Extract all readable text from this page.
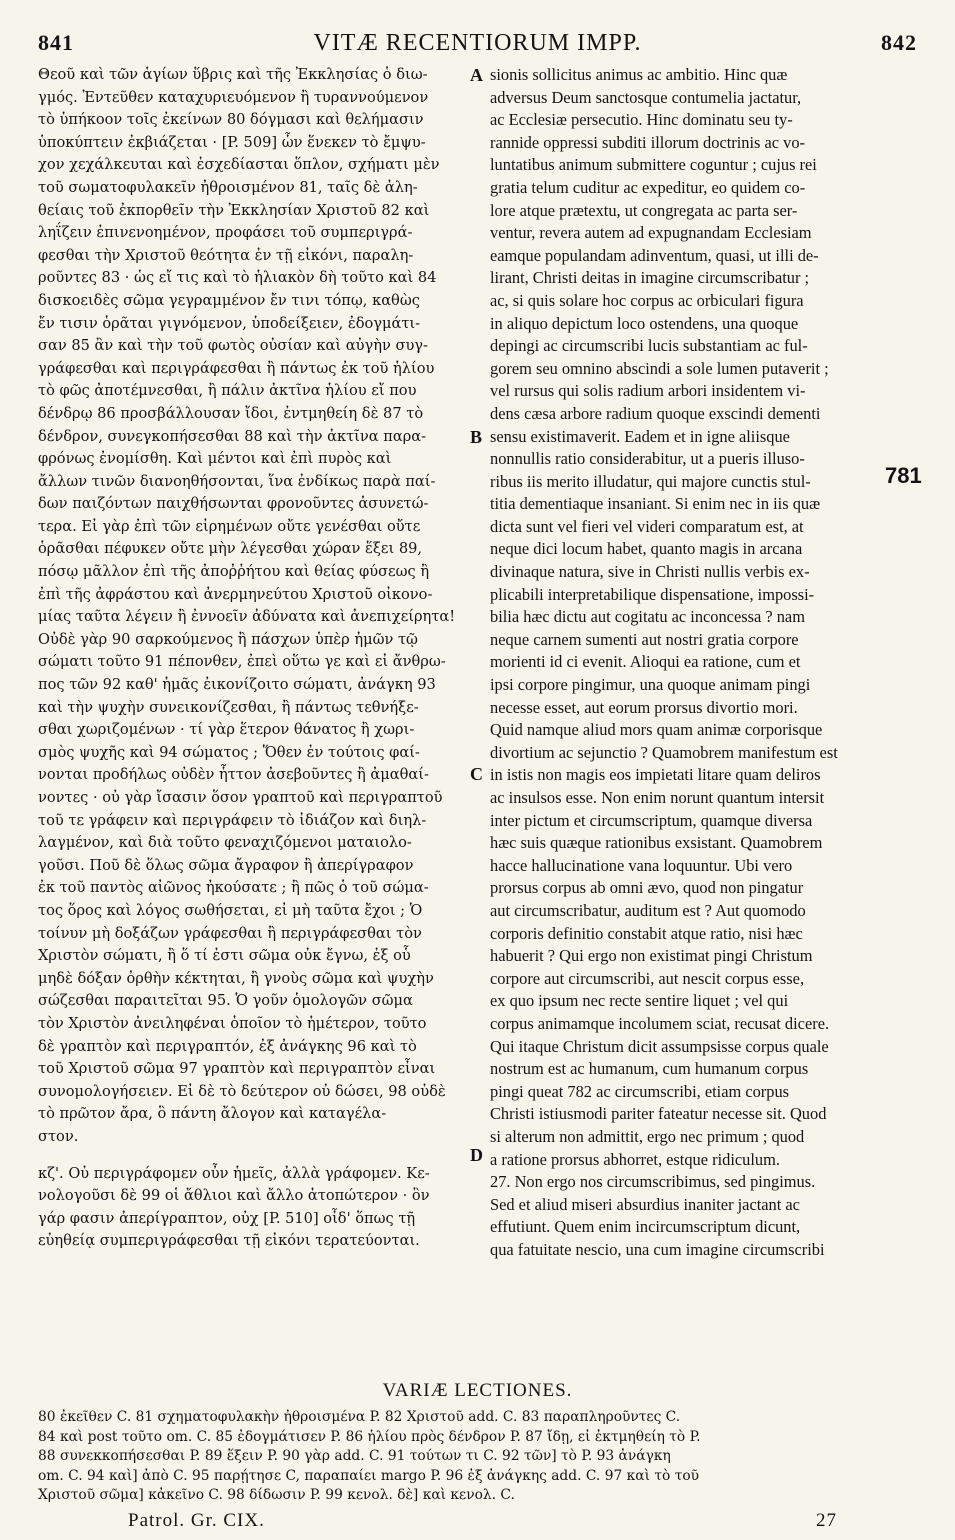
841	VITÆ RECENTIORUM IMPP.	842
Θεοῦ καὶ τῶν ἁγίων ὕβρις καὶ τῆς Ἐκκλησίας ὁ διω-
γμός. Ἐντεῦθεν καταχυριευόμενον ἢ τυραννούμενον
τὸ ὑπήκοον τοῖς ἐκείνων 80 δόγμασι καὶ θελήμασιν
ὑποκύπτειν ἐκβιάζεται · [P. 509] ὧν ἕνεκεν τὸ ἔμψυ-
χον χεχάλκευται καὶ ἐσχεδίασται ὅπλον, σχήματι μὲν
τοῦ σωματοφυλακεῖν ἠθροισμένον 81, ταῖς δὲ ἀλη-
θείαις τοῦ ἐκπορθεῖν τὴν Ἐκκλησίαν Χριστοῦ 82 καὶ
ληΐζειν ἐπινενοημένον, προφάσει τοῦ συμπεριγρά-
φεσθαι τὴν Χριστοῦ θεότητα ἐν τῇ εἰκόνι, παραλη-
ροῦντες 83 · ὡς εἴ τις καὶ τὸ ἡλιακὸν δὴ τοῦτο καὶ 84
δισκοειδὲς σῶμα γεγραμμένον ἔν τινι τόπῳ, καθὼς
ἔν τισιν ὁρᾶται γιγνόμενον, ὑποδείξειεν, ἐδογμάτι-
σαν 85 ἂν καὶ τὴν τοῦ φωτὸς οὐσίαν καὶ αὐγὴν συγ-
γράφεσθαι καὶ περιγράφεσθαι ἢ πάντως ἐκ τοῦ ἡλίου
τὸ φῶς ἀποτέμνεσθαι, ἢ πάλιν ἀκτῖνα ἡλίου εἴ που
δένδρῳ 86 προσβάλλουσαν ἴδοι, ἐντμηθείη δὲ 87 τὸ
δένδρον, συνεγκοπήσεσθαι 88 καὶ τὴν ἀκτῖνα παρα-
φρόνως ἐνομίσθη. Καὶ μέντοι καὶ ἐπὶ πυρὸς καὶ
ἄλλων τινῶν διανοηθήσονται, ἵνα ἐνδίκως παρὰ παί-
δων παιζόντων παιχθήσωνται φρονοῦντες ἀσυνετώ-
τερα. Εἰ γὰρ ἐπὶ τῶν εἰρημένων οὔτε γενέσθαι οὔτε
ὁρᾶσθαι πέφυκεν οὔτε μὴν λέγεσθαι χώραν ἕξει 89,
πόσῳ μᾶλλον ἐπὶ τῆς ἀποῤῥήτου καὶ θείας φύσεως ἢ
ἐπὶ τῆς ἀφράστου καὶ ἀνερμηνεύτου Χριστοῦ οἰκονο-
μίας ταῦτα λέγειν ἢ ἐννοεῖν ἀδύνατα καὶ ἀνεπιχείρητα!
Οὐδὲ γὰρ 90 σαρκούμενος ἢ πάσχων ὑπὲρ ἡμῶν τῷ
σώματι τοῦτο 91 πέπονθεν, ἐπεὶ οὕτω γε καὶ εἰ ἄνθρω-
πος τῶν 92 καθ' ἡμᾶς ἐικονίζοιτο σώματι, ἀνάγκη 93
καὶ τὴν ψυχὴν συνεικονίζεσθαι, ἢ πάντως τεθνήξε-
σθαι χωριζομένων · τί γὰρ ἕτερον θάνατος ἢ χωρι-
σμὸς ψυχῆς καὶ 94 σώματος ; Ὅθεν ἐν τούτοις φαί-
νονται προδήλως οὐδὲν ἧττον ἀσεβοῦντες ἢ ἀμαθαί-
νοντες · οὐ γὰρ ἴσασιν ὅσον γραπτοῦ καὶ περιγραπτοῦ
τοῦ τε γράφειν καὶ περιγράφειν τὸ ἰδιάζον καὶ διηλ-
λαγμένον, καὶ διὰ τοῦτο φεναχιζόμενοι ματαιολο-
γοῦσι. Ποῦ δὲ ὅλως σῶμα ἄγραφον ἢ ἀπερίγραφον
ἐκ τοῦ παντὸς αἰῶνος ἠκούσατε ; ἢ πῶς ὁ τοῦ σώμα-
τος ὅρος καὶ λόγος σωθήσεται, εἰ μὴ ταῦτα ἔχοι ; Ὁ
τοίνυν μὴ δοξάζων γράφεσθαι ἢ περιγράφεσθαι τὸν
Χριστὸν σώματι, ἢ ὅ τί ἐστι σῶμα οὐκ ἔγνω, ἐξ οὗ
μηδὲ δόξαν ὀρθὴν κέκτηται, ἢ γνοὺς σῶμα καὶ ψυχὴν
σώζεσθαι παραιτεῖται 95. Ὁ γοῦν ὁμολογῶν σῶμα
τὸν Χριστὸν ἀνειληφέναι ὁποῖον τὸ ἡμέτερον, τοῦτο
δὲ γραπτὸν καὶ περιγραπτόν, ἐξ ἀνάγκης 96 καὶ τὸ
τοῦ Χριστοῦ σῶμα 97 γραπτὸν καὶ περιγραπτὸν εἶναι
συνομολογήσειεν. Εἰ δὲ τὸ δεύτερον οὐ δώσει, 98 οὐδὲ
τὸ πρῶτον ἄρα, ὃ πάντη ἄλογον καὶ καταγέλα-
στον.
κζ'. Οὐ περιγράφομεν οὖν ἡμεῖς, ἀλλὰ γράφομεν. Κε-
νολογοῦσι δὲ 99 οἱ ἄθλιοι καὶ ἄλλο ἀτοπώτερον · ὃν
γάρ φασιν ἀπερίγραπτον, οὐχ [P. 510] οἶδ' ὅπως τῇ
εὐηθείᾳ συμπεριγράφεσθαι τῇ εἰκόνι τερατεύονται.
sionis sollicitus animus ac ambitio. Hinc quæ
adversus Deum sanctosque contumelia jactatur,
ac Ecclesiæ persecutio. Hinc dominatu seu ty-
rannide oppressi subditi illorum doctrinis ac vo-
luntatibus animum submittere coguntur ; cujus rei
gratia telum cuditur ac expeditur, eo quidem co-
lore atque prætextu, ut congregata ac parta ser-
ventur, revera autem ad expugnandam Ecclesiam
eamque populandam adinventum, quasi, ut illi de-
lirant, Christi deitas in imagine circumscribatur ;
ac, si quis solare hoc corpus ac orbiculari figura
in aliquo depictum loco ostendens, una quoque
depingi ac circumscribi lucis substantiam ac ful-
gorem seu omnino abscindi a sole lumen putaverit ;
vel rursus qui solis radium arbori insidentem vi-
dens cæsa arbore radium quoque exscindi dementi
sensu existimaverit. Eadem et in igne aliisque
nonnullis ratio considerabitur, ut a pueris illuso-
ribus iis merito illudatur, qui majore cunctis stul-
titia dementiaque insaniant. Si enim nec in iis quæ
dicta sunt vel fieri vel videri comparatum est, at
neque dici locum habet, quanto magis in arcana
divinaque natura, sive in Christi nullis verbis ex-
plicabili interpretabilique dispensatione, impossi-
bilia hæc dictu aut cogitatu ac inconcessa ? nam
neque carnem sumenti aut nostri gratia corpore
morienti id ci evenit. Alioqui ea ratione, cum et
ipsi corpore pingimur, una quoque animam pingi
necesse esset, aut eorum prorsus divortio mori.
Quid namque aliud mors quam animæ corporisque
divortium ac sejunctio ? Quamobrem manifestum est
in istis non magis eos impietati litare quam deliros
ac insulsos esse. Non enim norunt quantum intersit
inter pictum et circumscriptum, quamque diversa
hæc suis quæque rationibus exsistant. Quamobrem
hacce hallucinatione vana loquuntur. Ubi vero
prorsus corpus ab omni ævo, quod non pingatur
aut circumscribatur, auditum est ? Aut quomodo
corporis definitio constabit atque ratio, nisi hæc
habuerit ? Qui ergo non existimat pingi Christum
corpore aut circumscribi, aut nescit corpus esse,
ex quo ipsum nec recte sentire liquet ; vel qui
corpus animamque incolumem sciat, recusat dicere.
Qui itaque Christum dicit assumpsisse corpus quale
nostrum est ac humanum, cum humanum corpus
pingi queat 782 ac circumscribi, etiam corpus
Christi istiusmodi pariter fateatur necesse sit. Quod
si alterum non admittit, ergo nec primum ; quod
a ratione prorsus abhorret, estque ridiculum.
27. Non ergo nos circumscribimus, sed pingimus.
Sed et aliud miseri absurdius inaniter jactant ac
effutiunt. Quem enim incircumscriptum dicunt,
qua fatuitate nescio, una cum imagine circumscribi
A
B
C
D
781
VARIÆ LECTIONES.
80 ἐκεῖθεν C. 81 σχηματοφυλακὴν ἠθροισμένα P. 82 Χριστοῦ add. C. 83 παραπληροῦντες C.
84 καὶ post τοῦτο om. C. 85 ἐδογμάτισεν P. 86 ἡλίου πρὸς δένδρον P. 87 ἴδῃ, εἰ ἐκτμηθείη τὸ P.
88 συνεκκοπήσεσθαι P. 89 ἕξειν P. 90 γὰρ add. C. 91 τούτων τι C. 92 τῶν] τὸ P. 93 ἀνάγκη
om. C. 94 καὶ] ἀπὸ C. 95 παρῄτησε C, παραπαίει margo P. 96 ἐξ ἀνάγκης add. C. 97 καὶ τὸ τοῦ
Χριστοῦ σῶμα] κἀκεῖνο C. 98 δίδωσιν P. 99 κενολ. δὲ] καὶ κενολ. C.
Patrol. Gr. CIX.	27
